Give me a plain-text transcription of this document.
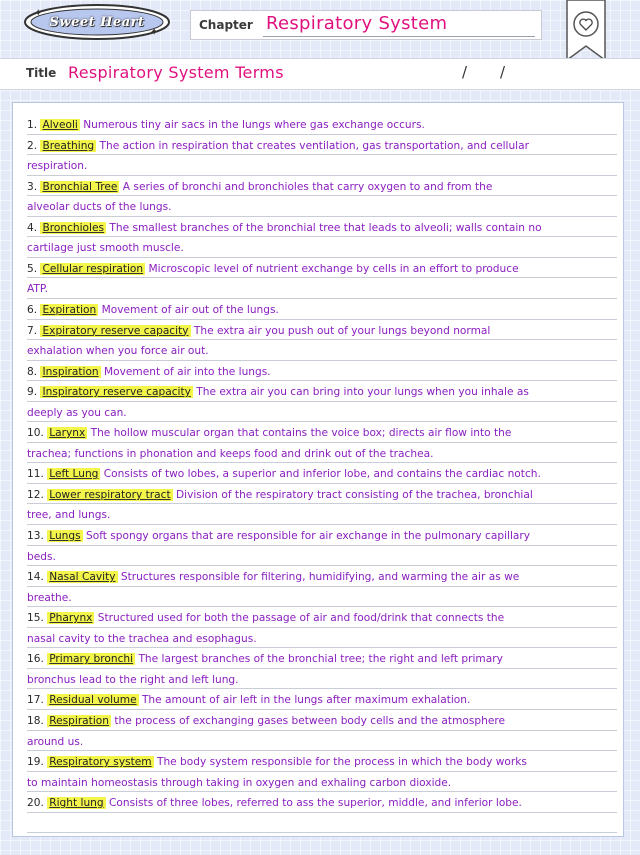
✦
✦
Sweet Heart	Chapter Respiratory System
Title Respiratory System Terms	/ /
1. Alveoli Numerous tiny air sacs in the lungs where gas exchange occurs.
2. Breathing The action in respiration that creates ventilation, gas transportation, and cellular
respiration.
3. Bronchial Tree A series of bronchi and bronchioles that carry oxygen to and from the
alveolar ducts of the lungs.
4. Bronchioles The smallest branches of the bronchial tree that leads to alveoli; walls contain no
cartilage just smooth muscle.
5. Cellular respiration Microscopic level of nutrient exchange by cells in an effort to produce
ATP.
6. Expiration Movement of air out of the lungs.
7. Expiratory reserve capacity The extra air you push out of your lungs beyond normal
exhalation when you force air out.
8. Inspiration Movement of air into the lungs.
9. Inspiratory reserve capacity The extra air you can bring into your lungs when you inhale as
deeply as you can.
10. Larynx The hollow muscular organ that contains the voice box; directs air flow into the
trachea; functions in phonation and keeps food and drink out of the trachea.
11. Left Lung Consists of two lobes, a superior and inferior lobe, and contains the cardiac notch.
12. Lower respiratory tract Division of the respiratory tract consisting of the trachea, bronchial
tree, and lungs.
13. Lungs Soft spongy organs that are responsible for air exchange in the pulmonary capillary
beds.
14. Nasal Cavity Structures responsible for filtering, humidifying, and warming the air as we
breathe.
15. Pharynx Structured used for both the passage of air and food/drink that connects the
nasal cavity to the trachea and esophagus.
16. Primary bronchi The largest branches of the bronchial tree; the right and left primary
bronchus lead to the right and left lung.
17. Residual volume The amount of air left in the lungs after maximum exhalation.
18. Respiration the process of exchanging gases between body cells and the atmosphere
around us.
19. Respiratory system The body system responsible for the process in which the body works
to maintain homeostasis through taking in oxygen and exhaling carbon dioxide.
20. Right lung Consists of three lobes, referred to ass the superior, middle, and inferior lobe.
